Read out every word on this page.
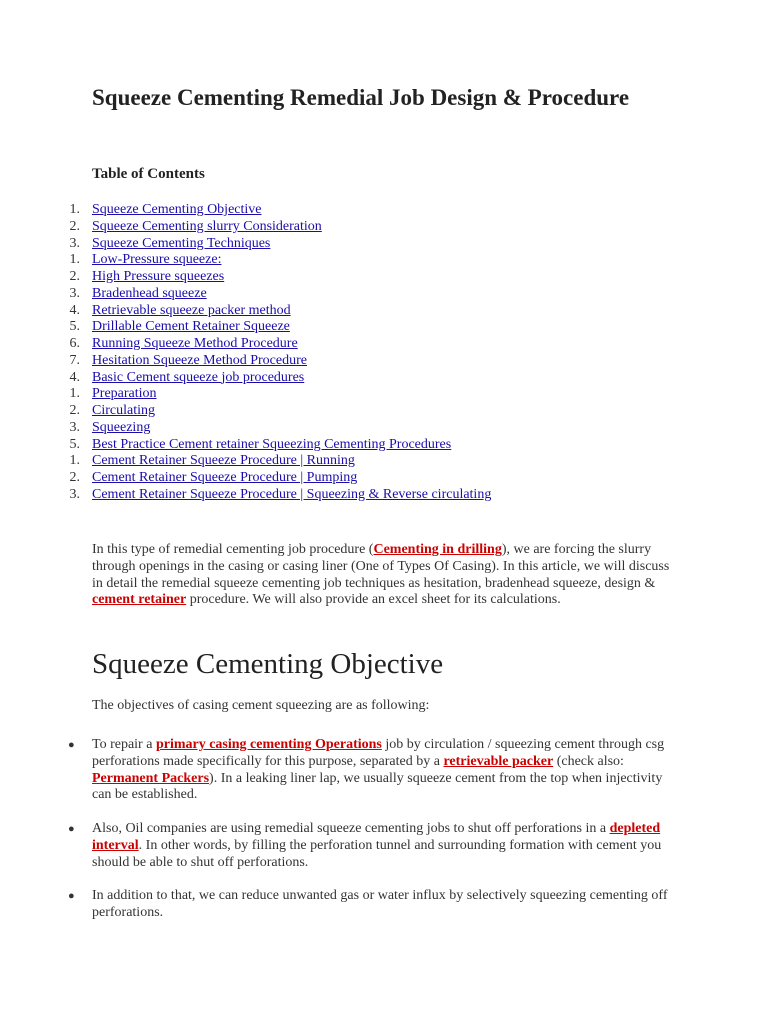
Squeeze Cementing Remedial Job Design & Procedure
Table of Contents
1. Squeeze Cementing Objective
2. Squeeze Cementing slurry Consideration
3. Squeeze Cementing Techniques
1. Low-Pressure squeeze:
2. High Pressure squeezes
3. Bradenhead squeeze
4. Retrievable squeeze packer method
5. Drillable Cement Retainer Squeeze
6. Running Squeeze Method Procedure
7. Hesitation Squeeze Method Procedure
4. Basic Cement squeeze job procedures
1. Preparation
2. Circulating
3. Squeezing
5. Best Practice Cement retainer Squeezing Cementing Procedures
1. Cement Retainer Squeeze Procedure | Running
2. Cement Retainer Squeeze Procedure | Pumping
3. Cement Retainer Squeeze Procedure | Squeezing & Reverse circulating

In this type of remedial cementing job procedure (Cementing in drilling), we are forcing the slurry through openings in the casing or casing liner (One of Types Of Casing). In this article, we will discuss in detail the remedial squeeze cementing job techniques as hesitation, bradenhead squeeze, design & cement retainer procedure. We will also provide an excel sheet for its calculations.

Squeeze Cementing Objective

The objectives of casing cement squeezing are as following:

● To repair a primary casing cementing Operations job by circulation / squeezing cement through csg perforations made specifically for this purpose, separated by a retrievable packer (check also: Permanent Packers). In a leaking liner lap, we usually squeeze cement from the top when injectivity can be established.
● Also, Oil companies are using remedial squeeze cementing jobs to shut off perforations in a depleted interval. In other words, by filling the perforation tunnel and surrounding formation with cement you should be able to shut off perforations.
● In addition to that, we can reduce unwanted gas or water influx by selectively squeezing cementing off perforations.
